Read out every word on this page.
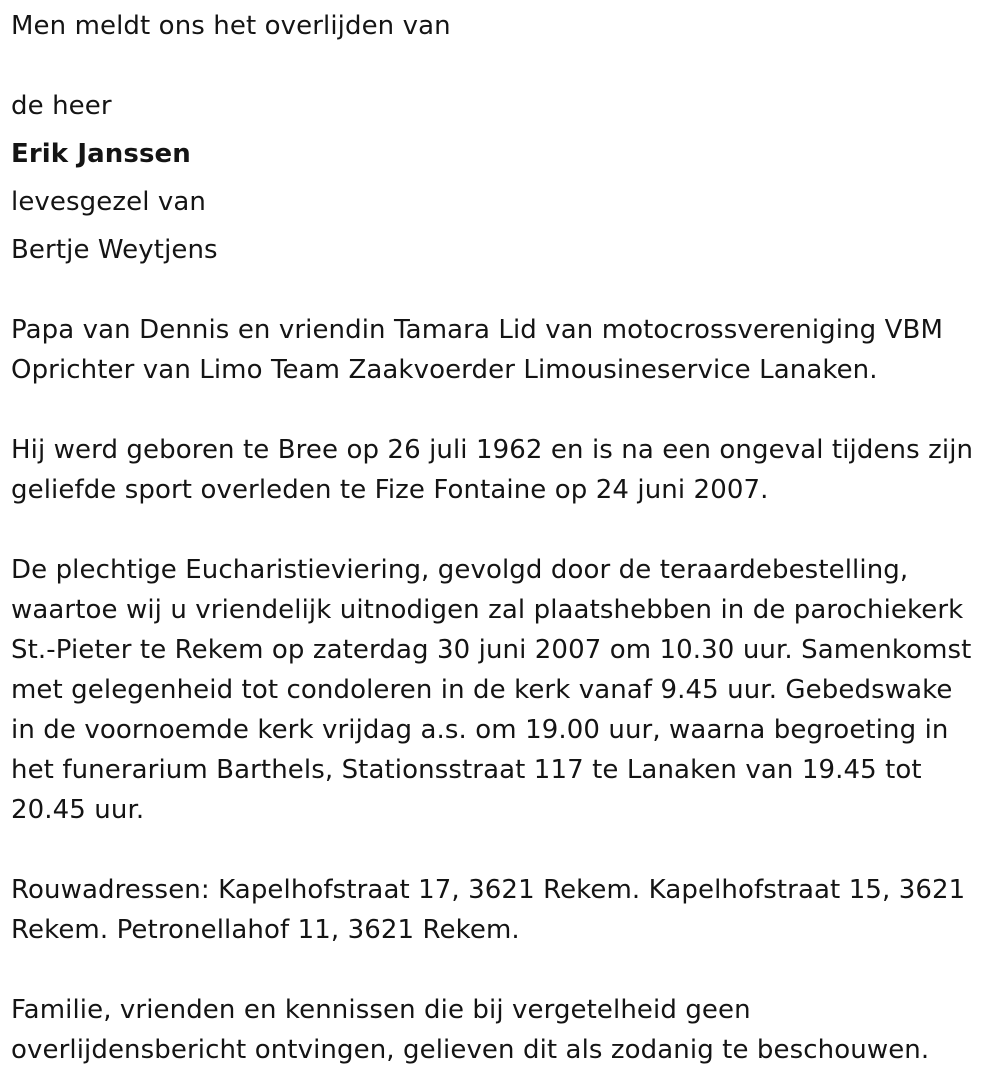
Men meldt ons het overlijden van
de heer
Erik Janssen
levesgezel van
Bertje Weytjens
Papa van Dennis en vriendin Tamara Lid van motocrossvereniging VBM
Oprichter van Limo Team Zaakvoerder Limousineservice Lanaken.
Hij werd geboren te Bree op 26 juli 1962 en is na een ongeval tijdens zijn
geliefde sport overleden te Fize Fontaine op 24 juni 2007.
De plechtige Eucharistieviering, gevolgd door de teraardebestelling,
waartoe wij u vriendelijk uitnodigen zal plaatshebben in de parochiekerk
St.-Pieter te Rekem op zaterdag 30 juni 2007 om 10.30 uur. Samenkomst
met gelegenheid tot condoleren in de kerk vanaf 9.45 uur. Gebedswake
in de voornoemde kerk vrijdag a.s. om 19.00 uur, waarna begroeting in
het funerarium Barthels, Stationsstraat 117 te Lanaken van 19.45 tot
20.45 uur.
Rouwadressen: Kapelhofstraat 17, 3621 Rekem. Kapelhofstraat 15, 3621
Rekem. Petronellahof 11, 3621 Rekem.
Familie, vrienden en kennissen die bij vergetelheid geen
overlijdensbericht ontvingen, gelieven dit als zodanig te beschouwen.
